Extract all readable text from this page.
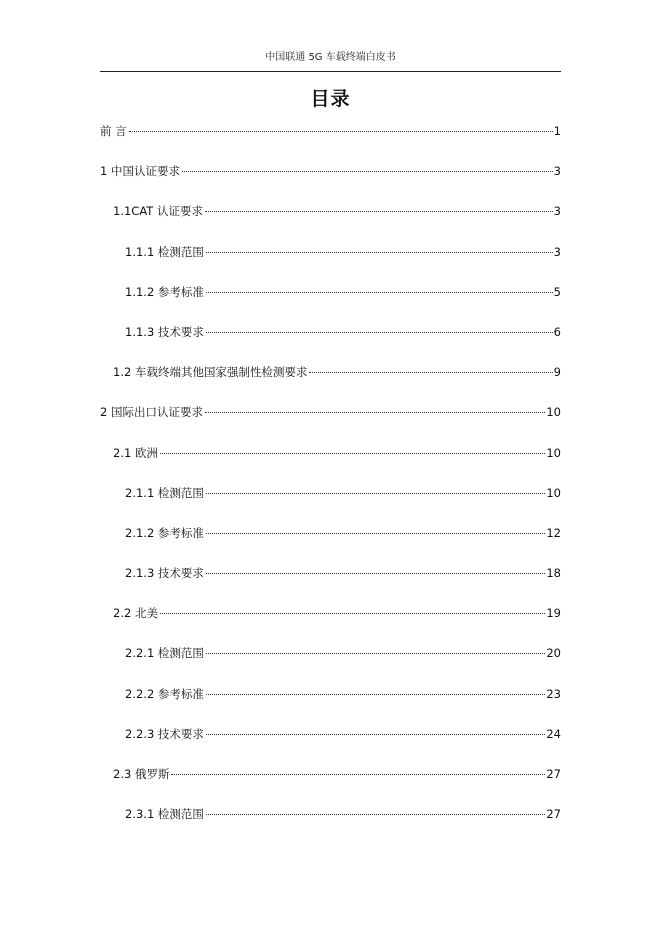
中国联通 5G 车载终端白皮书
目录
前 言	1
1 中国认证要求	3
1.1CAT 认证要求	3
1.1.1 检测范围	3
1.1.2 参考标准	5
1.1.3 技术要求	6
1.2 车载终端其他国家强制性检测要求	9
2 国际出口认证要求	10
2.1 欧洲	10
2.1.1 检测范围	10
2.1.2 参考标准	12
2.1.3 技术要求	18
2.2 北美	19
2.2.1 检测范围	20
2.2.2 参考标准	23
2.2.3 技术要求	24
2.3 俄罗斯	27
2.3.1 检测范围	27
